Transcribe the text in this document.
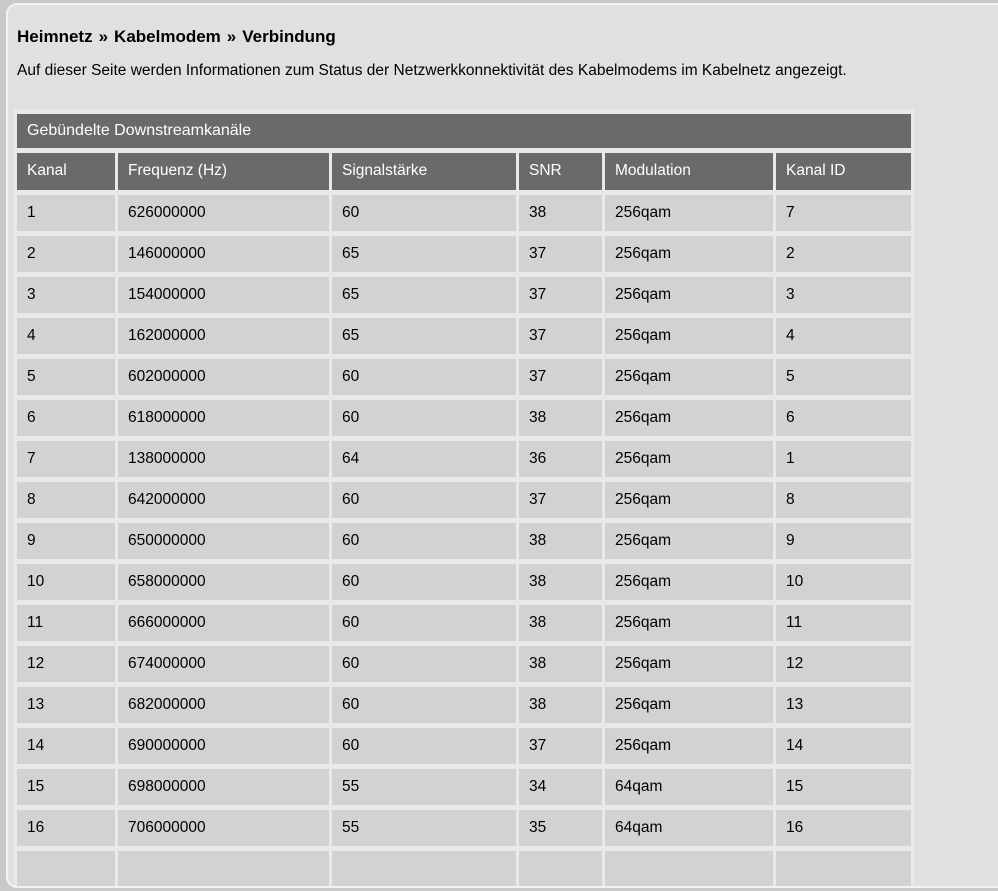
Heimnetz » Kabelmodem » Verbindung
Auf dieser Seite werden Informationen zum Status der Netzwerkkonnektivität des Kabelmodems im Kabelnetz angezeigt.
Gebündelte Downstreamkanäle					
Kanal	Frequenz (Hz)	Signalstärke	SNR	Modulation	Kanal ID
1	626000000	60	38	256qam	7
2	146000000	65	37	256qam	2
3	154000000	65	37	256qam	3
4	162000000	65	37	256qam	4
5	602000000	60	37	256qam	5
6	618000000	60	38	256qam	6
7	138000000	64	36	256qam	1
8	642000000	60	37	256qam	8
9	650000000	60	38	256qam	9
10	658000000	60	38	256qam	10
11	666000000	60	38	256qam	11
12	674000000	60	38	256qam	12
13	682000000	60	38	256qam	13
14	690000000	60	37	256qam	14
15	698000000	55	34	64qam	15
16	706000000	55	35	64qam	16
